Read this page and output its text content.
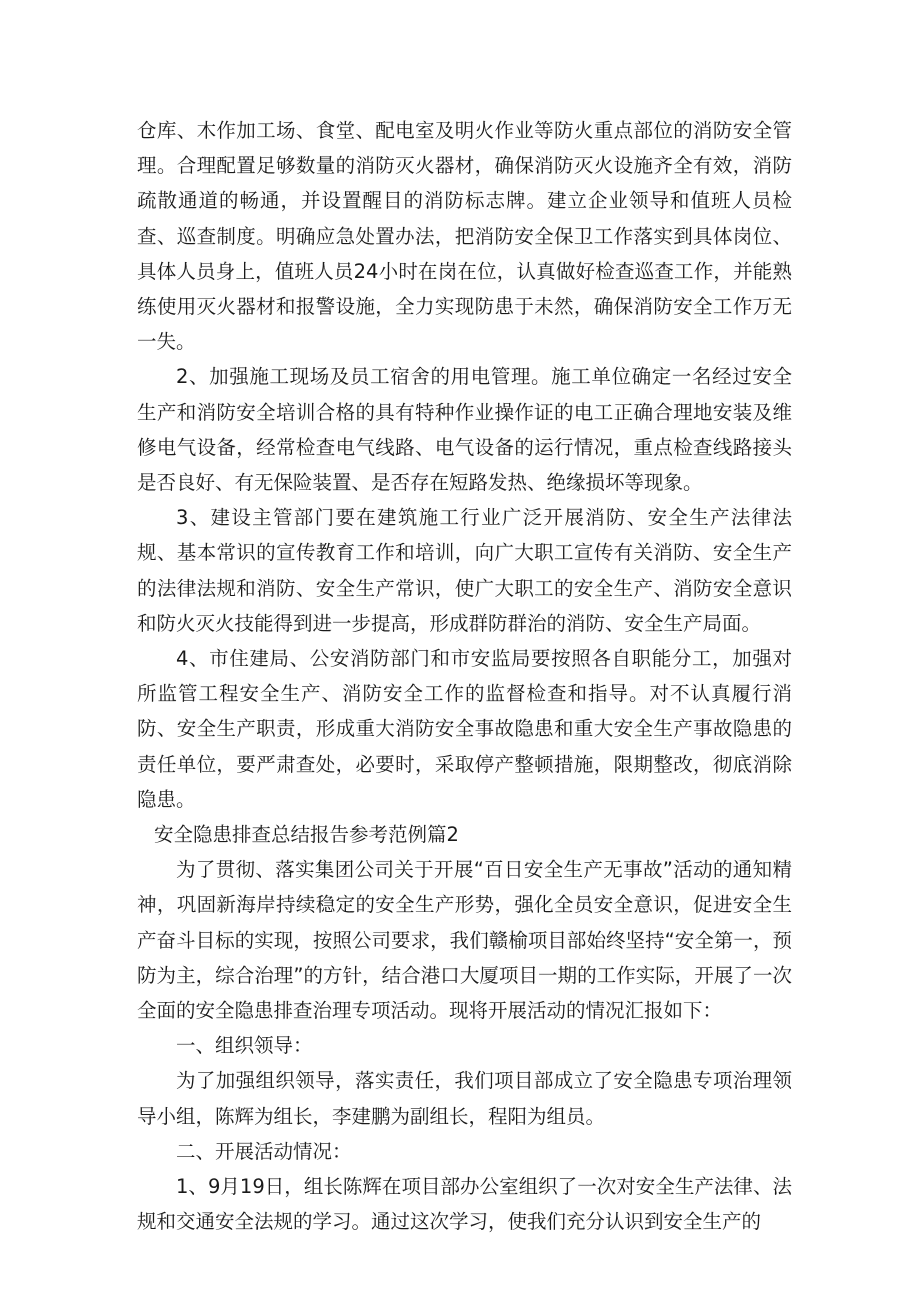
仓库、木作加工场、食堂、配电室及明火作业等防火重点部位的消防安全管理。合理配置足够数量的消防灭火器材，确保消防灭火设施齐全有效，消防疏散通道的畅通，并设置醒目的消防标志牌。建立企业领导和值班人员检查、巡查制度。明确应急处置办法，把消防安全保卫工作落实到具体岗位、具体人员身上，值班人员24小时在岗在位，认真做好检查巡查工作，并能熟练使用灭火器材和报警设施，全力实现防患于未然，确保消防安全工作万无一失。

2、加强施工现场及员工宿舍的用电管理。施工单位确定一名经过安全生产和消防安全培训合格的具有特种作业操作证的电工正确合理地安装及维修电气设备，经常检查电气线路、电气设备的运行情况，重点检查线路接头是否良好、有无保险装置、是否存在短路发热、绝缘损坏等现象。

3、建设主管部门要在建筑施工行业广泛开展消防、安全生产法律法规、基本常识的宣传教育工作和培训，向广大职工宣传有关消防、安全生产的法律法规和消防、安全生产常识，使广大职工的安全生产、消防安全意识和防火灭火技能得到进一步提高，形成群防群治的消防、安全生产局面。

4、市住建局、公安消防部门和市安监局要按照各自职能分工，加强对所监管工程安全生产、消防安全工作的监督检查和指导。对不认真履行消防、安全生产职责，形成重大消防安全事故隐患和重大安全生产事故隐患的责任单位，要严肃查处，必要时，采取停产整顿措施，限期整改，彻底消除隐患。

安全隐患排查总结报告参考范例篇2

为了贯彻、落实集团公司关于开展“百日安全生产无事故”活动的通知精神，巩固新海岸持续稳定的安全生产形势，强化全员安全意识，促进安全生产奋斗目标的实现，按照公司要求，我们赣榆项目部始终坚持“安全第一，预防为主，综合治理”的方针，结合港口大厦项目一期的工作实际，开展了一次全面的安全隐患排查治理专项活动。现将开展活动的情况汇报如下：

一、组织领导：

为了加强组织领导，落实责任，我们项目部成立了安全隐患专项治理领导小组，陈辉为组长，李建鹏为副组长，程阳为组员。

二、开展活动情况：

1、9月19日，组长陈辉在项目部办公室组织了一次对安全生产法律、法规和交通安全法规的学习。通过这次学习，使我们充分认识到安全生产的
